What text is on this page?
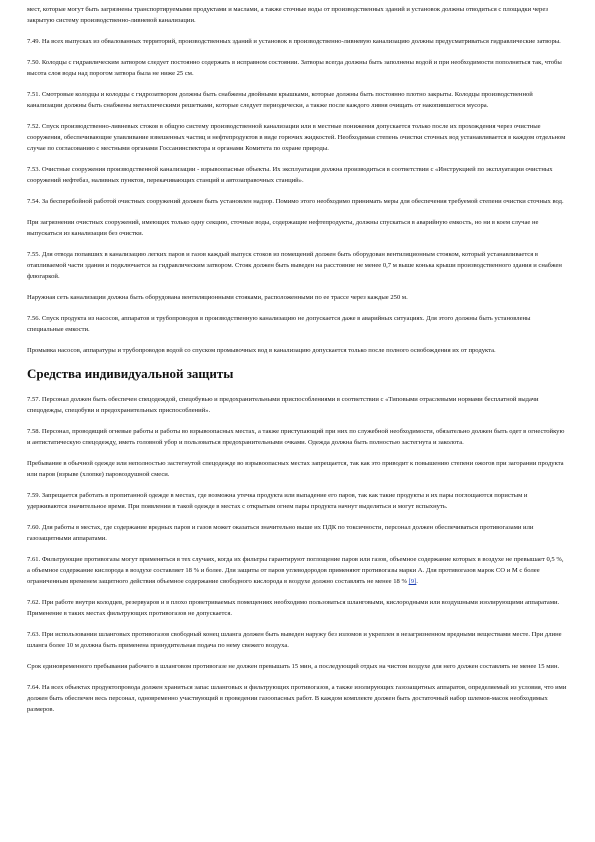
мест, которые могут быть загрязнены транспортируемыми продуктами и маслами, а также сточные воды от производственных зданий и установок должны отводиться с площадки через закрытую систему производственно-ливневой канализации.

7.49. На всех выпусках из обвалованных территорий, производственных зданий и установок в производственно-ливневую канализацию должны предусматриваться гидравлические затворы.

7.50. Колодцы с гидравлическим затвором следует постоянно содержать в исправном состоянии. Затворы всегда должны быть заполнены водой и при необходимости пополняться так, чтобы высота слоя воды над порогом затвора была не ниже 25 см.

7.51. Смотровые колодцы и колодцы с гидрозатвором должны быть снабжены двойными крышками, которые должны быть постоянно плотно закрыты. Колодцы производственной канализации должны быть снабжены металлическими решетками, которые следует периодически, а также после каждого ливня очищать от накопившегося мусора.

7.52. Спуск производственно-ливневых стоков в общую систему производственной канализации или в местные понижения допускается только после их прохождения через очистные сооружения, обеспечивающие улавливание взвешенных частиц и нефтепродуктов в виде горючих жидкостей. Необходимая степень очистки сточных вод устанавливается в каждом отдельном случае по согласованию с местными органами Госсанинспектора и органами Комитета по охране природы.

7.53. Очистные сооружения производственной канализации - взрывоопасные объекты. Их эксплуатация должна производиться в соответствии с «Инструкцией по эксплуатации очистных сооружений нефтебаз, наливных пунктов, перекачивающих станций и автозаправочных станций».

7.54. За бесперебойной работой очистных сооружений должен быть установлен надзор. Помимо этого необходимо принимать меры для обеспечения требуемой степени очистки сточных вод.

При загрязнении очистных сооружений, имеющих только одну секцию, сточные воды, содержащие нефтепродукты, должны спускаться в аварийную емкость, но ни в коем случае не выпускаться из канализации без очистки.

7.55. Для отвода попавших в канализацию легких паров и газов каждый выпуск стоков из помещений должен быть оборудован вентиляционным стояком, который устанавливается в отапливаемой части здания и подключается за гидравлическим затвором. Стояк должен быть выведен на расстояние не менее 0,7 м выше конька крыши производственного здания и снабжен флюгаркой.

Наружная сеть канализации должна быть оборудована вентиляционными стояками, расположенными по ее трассе через каждые 250 м.

7.56. Спуск продукта из насосов, аппаратов и трубопроводов в производственную канализацию не допускается даже в аварийных ситуациях. Для этого должны быть установлены специальные емкости.

Промывка насосов, аппаратуры и трубопроводов водой со спуском промывочных вод в канализацию допускается только после полного освобождения их от продукта.

Средства индивидуальной защиты

7.57. Персонал должен быть обеспечен спецодеждой, спецобувью и предохранительными приспособлениями в соответствии с «Типовыми отраслевыми нормами бесплатной выдачи спецодежды, спецобуви и предохранительных приспособлений».

7.58. Персонал, проводящий огневые работы и работы во взрывоопасных местах, а также приступающий при них по служебной необходимости, обязательно должен быть одет в огнестойкую и антистатическую спецодежду, иметь головной убор и пользоваться предохранительными очками. Одежда должна быть полностью застегнута и заколота.

Пребывание в обычной одежде или неполностью застегнутой спецодежде во взрывоопасных местах запрещается, так как это приводит к повышению степени ожогов при загорании продукта или паров (взрыве (хлопке) паровоздушной смеси.

7.59. Запрещается работать в пропитанной одежде в местах, где возможна утечка продукта или выпадение его паров, так как такие продукты и их пары поглощаются пористым и удерживаются значительное время. При появлении в такой одежде в местах с открытым огнем пары продукта начнут выделяться и могут вспыхнуть.

7.60. Для работы в местах, где содержание вредных паров и газов может оказаться значительно выше их ПДК по токсичности, персонал должен обеспечиваться противогазами или газозащитными аппаратами.

7.61. Фильтрующие противогазы могут применяться в тех случаях, когда их фильтры гарантируют поглощение паров или газов, объемное содержание которых в воздухе не превышает 0,5 %, а объемное содержание кислорода в воздухе составляет 18 % и более. Для защиты от паров углеводородов применяют противогазы марки А. Для противогазов марок СО и М с более ограниченным временем защитного действия объемное содержание свободного кислорода в воздухе должно составлять не менее 18 % [9].

7.62. При работе внутри колодцев, резервуаров и в плохо проветриваемых помещениях необходимо пользоваться шланговыми, кислородными или воздушными изолирующими аппаратами. Применение в таких местах фильтрующих противогазов не допускается.

7.63. При использовании шланговых противогазов свободный конец шланга должен быть выведен наружу без изломов и укреплен в незагрязненном вредными веществами месте. При длине шланга более 10 м должна быть применена принудительная подача по нему свежего воздуха.

Срок единовременного пребывания рабочего в шланговом противогазе не должен превышать 15 мин, а последующий отдых на чистом воздухе для него должен составлять не менее 15 мин.

7.64. На всех объектах продуктопровода должен храниться запас шланговых и фильтрующих противогазов, а также изолирующих газозащитных аппаратов, определяемый из условия, что ими должен быть обеспечен весь персонал, одновременно участвующий в проведении газоопасных работ. В каждом комплекте должен быть достаточный набор шлемов-масок необходимых размеров.
